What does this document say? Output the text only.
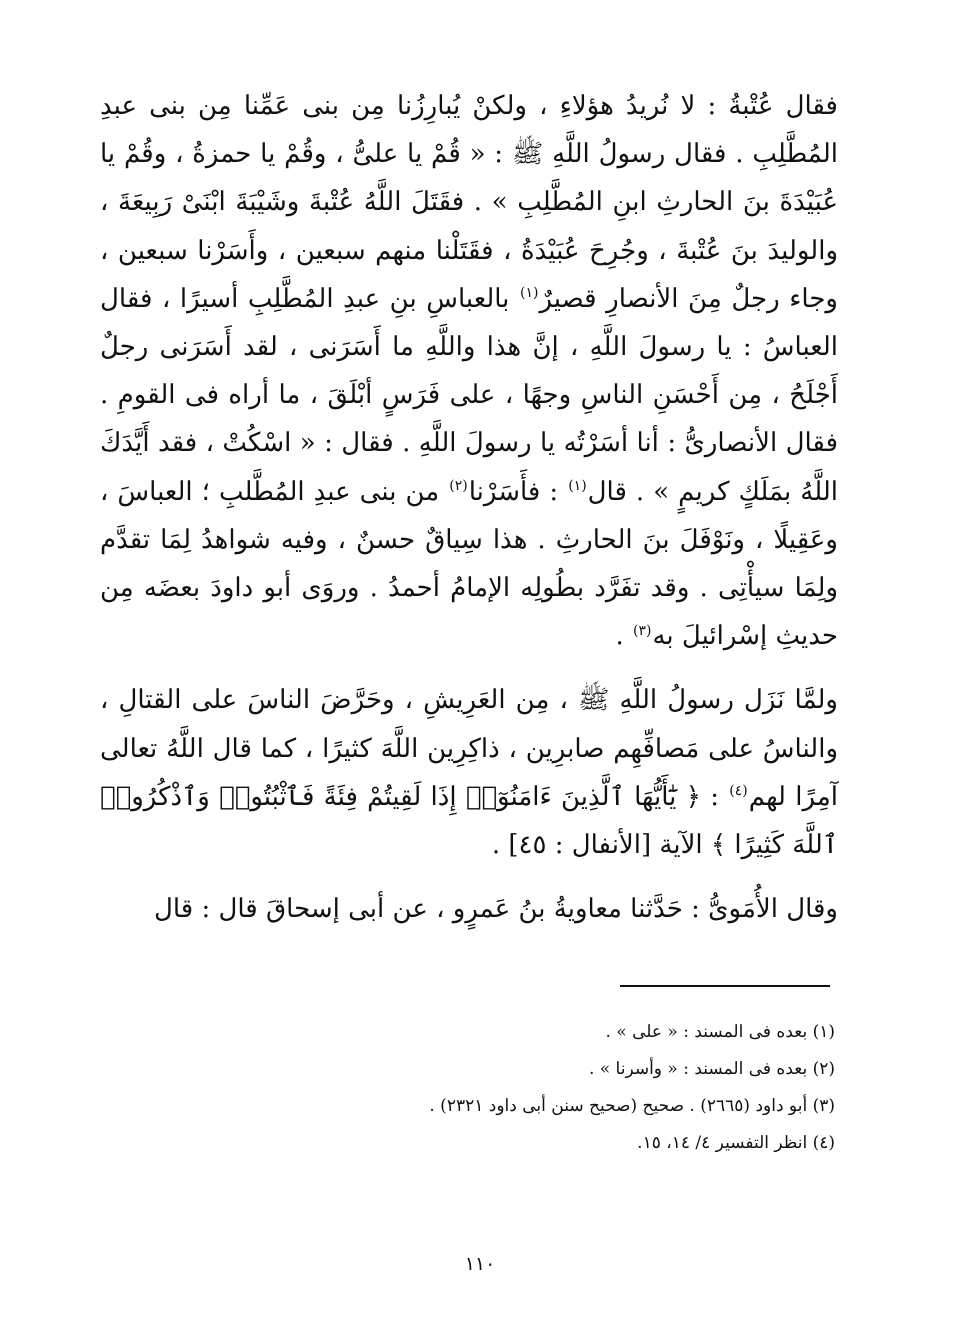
فقال عُتْبةُ : لا نُريدُ هؤلاءِ ، ولكنْ يُبارِزُنا مِن بنى عَمِّنا مِن بنى عبدِ المُطَّلِبِ . فقال رسولُ اللَّهِ ﷺ : « قُمْ يا علىُّ ، وقُمْ يا حمزةُ ، وقُمْ يا عُبَيْدَةَ بنَ الحارثِ ابنِ المُطَّلِبِ » . فقَتَلَ اللَّهُ عُتْبةَ وشَيْبَةَ ابْنَىْ رَبِيعَةَ ، والوليدَ بنَ عُتْبةَ ، وجُرِحَ عُبَيْدَةُ ، فقَتَلْنا منهم سبعين ، وأَسَرْنا سبعين ، وجاء رجلٌ مِنَ الأنصارِ قصيرٌ$^{(١)}$ بالعباسِ بنِ عبدِ المُطَّلِبِ أسيرًا ، فقال العباسُ : يا رسولَ اللَّهِ ، إنَّ هذا واللَّهِ ما أَسَرَنى ، لقد أَسَرَنى رجلٌ أَجْلَحُ ، مِن أَحْسَنِ الناسِ وجهًا ، على فَرَسٍ أبْلَقَ ، ما أراه فى القومِ . فقال الأنصارىُّ : أنا أسَرْتُه يا رسولَ اللَّهِ . فقال : « اسْكُتْ ، فقد أَيَّدَكَ اللَّهُ بمَلَكٍ كريمٍ » . قال$^{(١)}$ : فأَسَرْنا$^{(٢)}$ من بنى عبدِ المُطَّلبِ ؛ العباسَ ، وعَقِيلًا ، ونَوْفَلَ بنَ الحارثِ . هذا سِياقٌ حسنٌ ، وفيه شواهدُ لِمَا تقدَّم ولِمَا سيأْتِى . وقد تفَرَّد بطُولِه الإمامُ أحمدُ . وروَى أبو داودَ بعضَه مِن حديثِ إسْرائيلَ به$^{(٣)}$ .

ولمَّا نَزَل رسولُ اللَّهِ ﷺ ، مِن العَرِيشِ ، وحَرَّضَ الناسَ على القتالِ ، والناسُ على مَصافِّهِم صابرِين ، ذاكِرِين اللَّهَ كثيرًا ، كما قال اللَّهُ تعالى آمِرًا لهم$^{(٤)}$ : ﴿ يَٰٓأَيُّهَا ٱلَّذِينَ ءَامَنُوٓا۟ إِذَا لَقِيتُمْ فِئَةً فَٱثْبُتُوا۟ وَٱذْكُرُوا۟ ٱللَّهَ كَثِيرًا ﴾ الآية [الأنفال : ٤٥] .

وقال الأُمَوىُّ : حَدَّثنا معاويةُ بنُ عَمرٍو ، عن أبى إسحاقَ قال : قال

(١) بعده فى المسند : « على » .
(٢) بعده فى المسند : « وأسرنا » .
(٣) أبو داود (٢٦٦٥) . صحيح (صحيح سنن أبى داود ٢٣٢١) .
(٤) انظر التفسير ٤/ ١٤، ١٥.
١١٠
